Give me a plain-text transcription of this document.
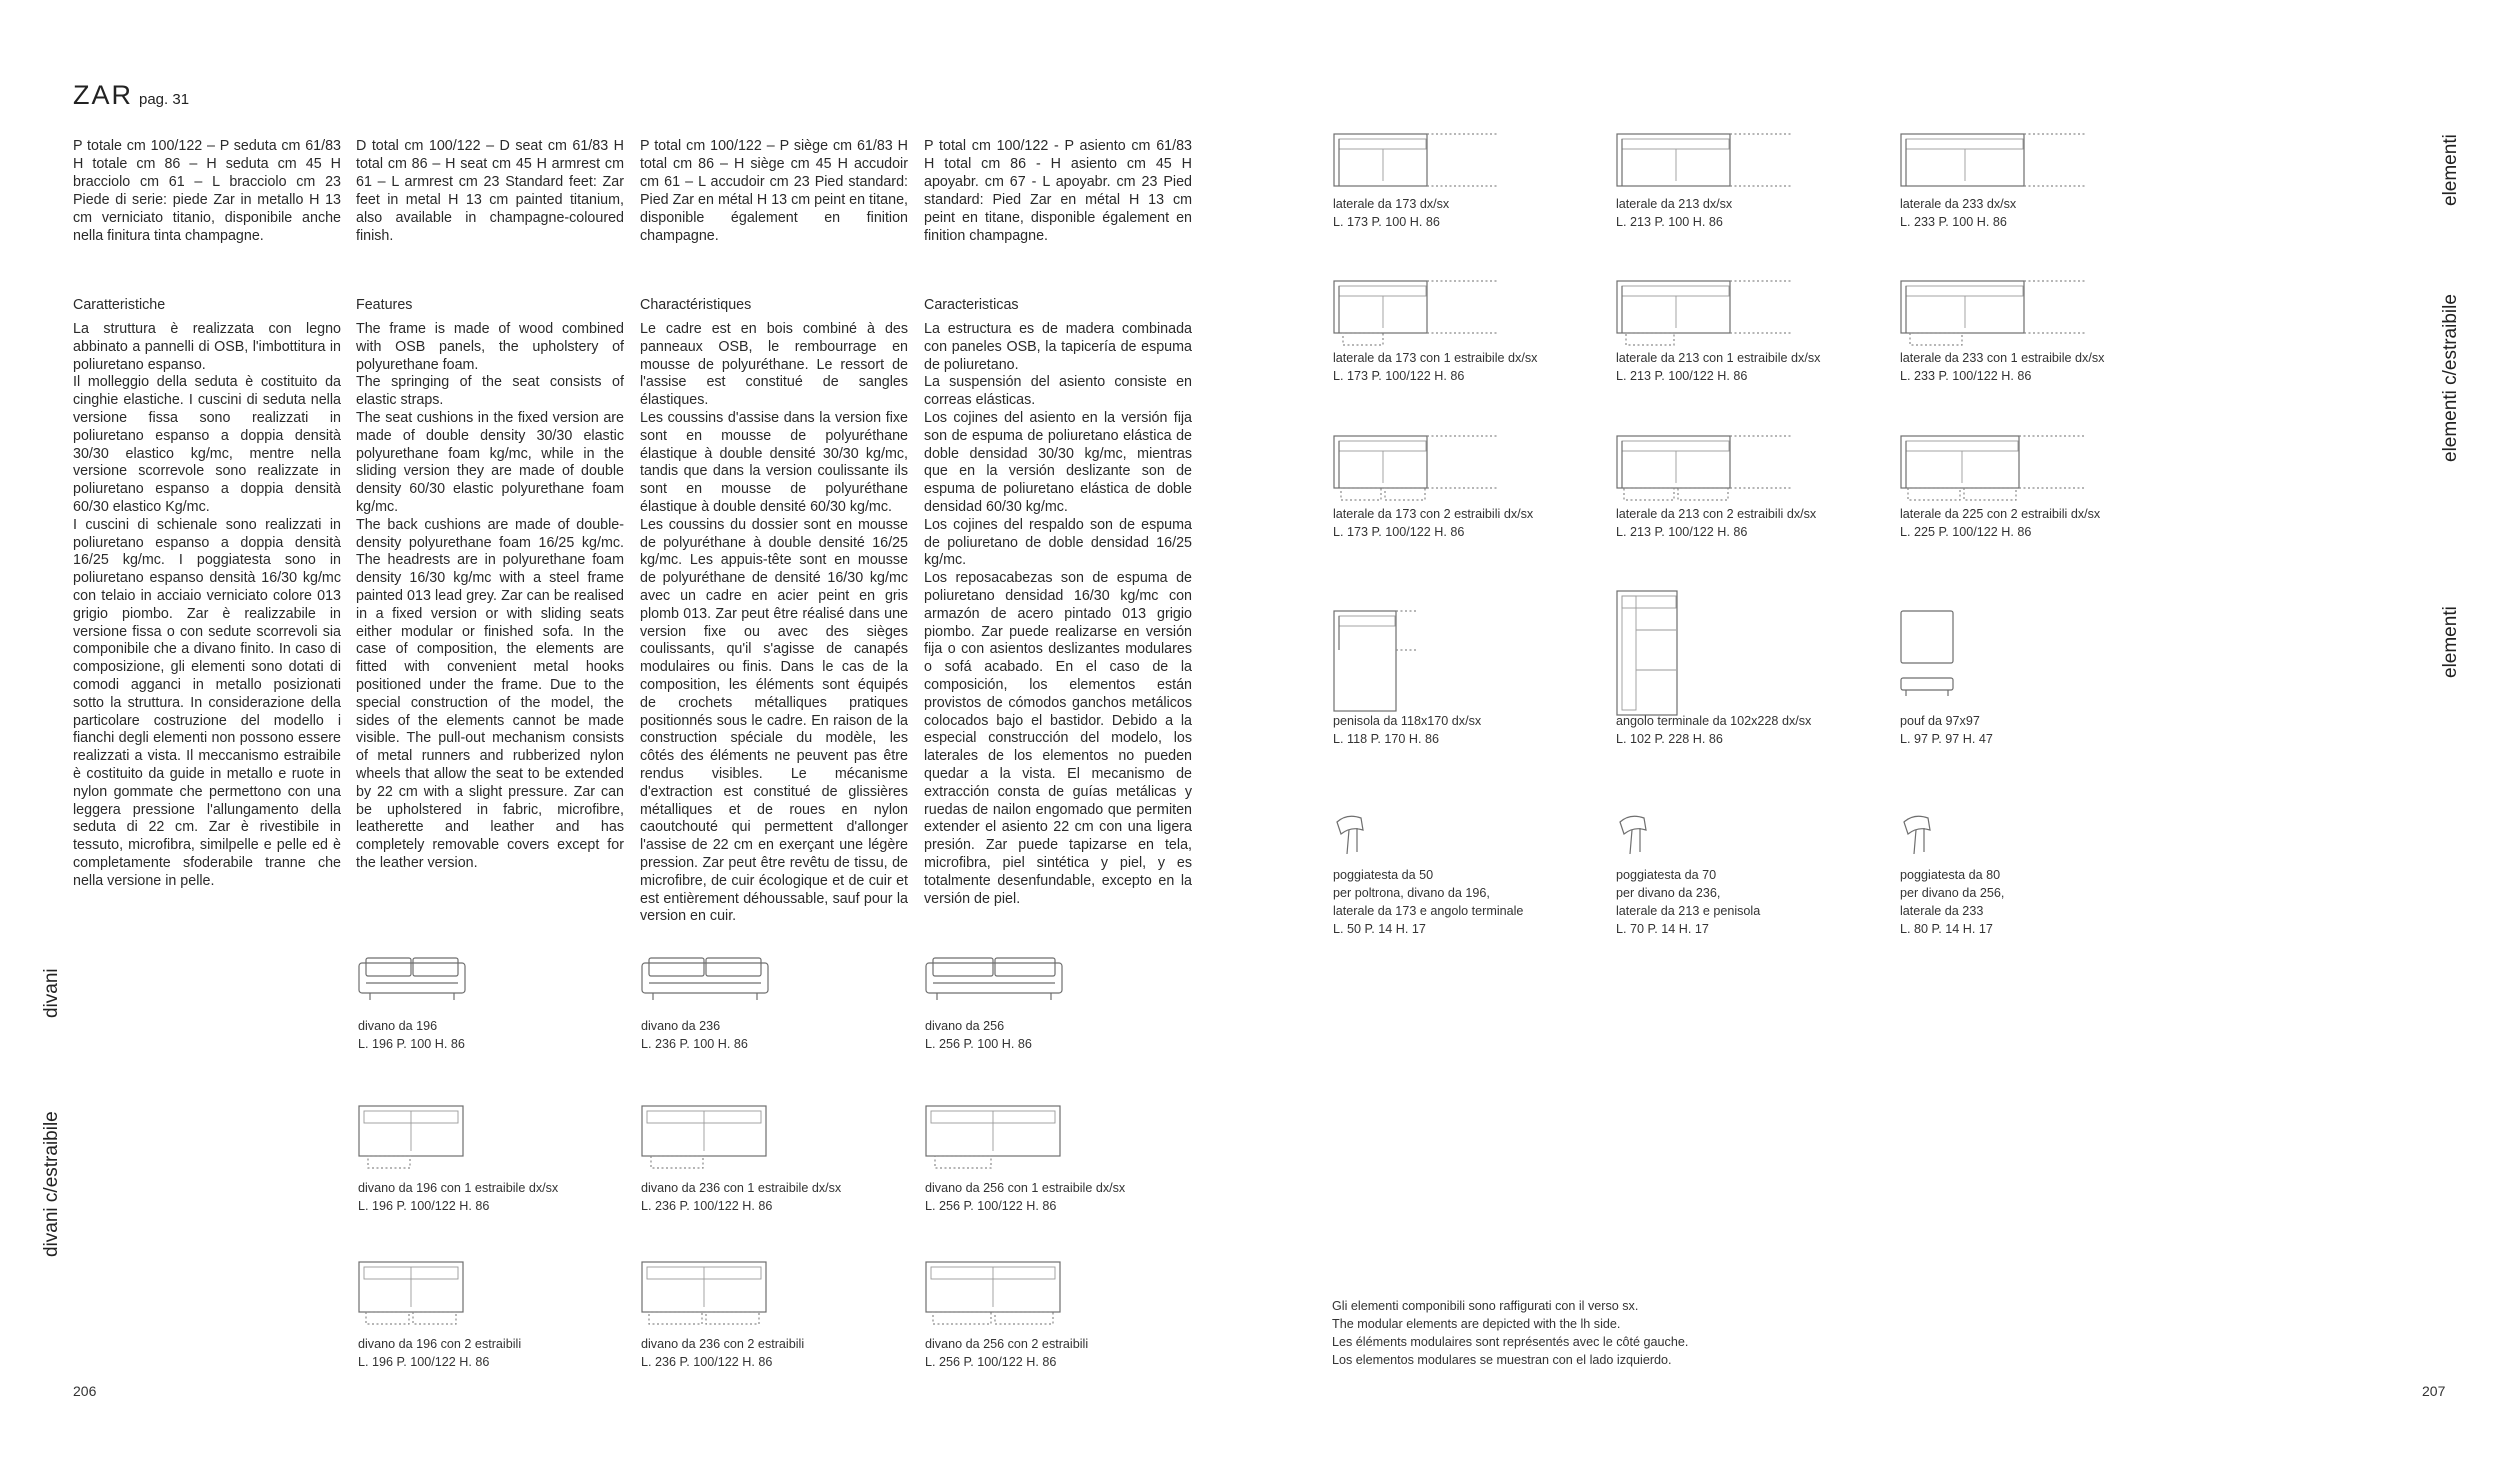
ZAR pag. 31
P totale cm 100/122 – P seduta cm 61/83 H totale cm 86 – H seduta cm 45 H bracciolo cm 61 – L bracciolo cm 23 Piede di serie: piede Zar in metallo H 13 cm verniciato titanio, disponibile anche nella finitura tinta champagne.
D total cm 100/122 – D seat cm 61/83 H total cm 86 – H seat cm 45 H armrest cm 61 – L armrest cm 23 Standard feet: Zar feet in metal H 13 cm painted titanium, also available in champagne-coloured finish.
P total cm 100/122 – P siège cm 61/83 H total cm 86 – H siège cm 45 H accudoir cm 61 – L accudoir cm 23 Pied standard: Pied Zar en métal H 13 cm peint en titane, disponible également en finition champagne.
P total cm 100/122 - P asiento cm 61/83 H total cm 86 - H asiento cm 45 H apoyabr. cm 67 - L apoyabr. cm 23 Pied standard: Pied Zar en métal H 13 cm peint en titane, disponible également en finition champagne.
Caratteristiche
La struttura è realizzata con legno abbinato a pannelli di OSB, l'imbottitura in poliuretano espanso.
Il molleggio della seduta è costituito da cinghie elastiche. I cuscini di seduta nella versione fissa sono realizzati in poliuretano espanso a doppia densità 30/30 elastico kg/mc, mentre nella versione scorrevole sono realizzate in poliuretano espanso a doppia densità 60/30 elastico Kg/mc.
I cuscini di schienale sono realizzati in poliuretano espanso a doppia densità 16/25 kg/mc. I poggiatesta sono in poliuretano espanso densità 16/30 kg/mc con telaio in acciaio verniciato colore 013 grigio piombo. Zar è realizzabile in versione fissa o con sedute scorrevoli sia componibile che a divano finito. In caso di composizione, gli elementi sono dotati di comodi agganci in metallo posizionati sotto la struttura. In considerazione della particolare costruzione del modello i fianchi degli elementi non possono essere realizzati a vista. Il meccanismo estraibile è costituito da guide in metallo e ruote in nylon gommate che permettono con una leggera pressione l'allungamento della seduta di 22 cm. Zar è rivestibile in tessuto, microfibra, similpelle e pelle ed è completamente sfoderabile tranne che nella versione in pelle.
Features
The frame is made of wood combined with OSB panels, the upholstery of polyurethane foam.
The springing of the seat consists of elastic straps.
The seat cushions in the fixed version are made of double density 30/30 elastic polyurethane foam kg/mc, while in the sliding version they are made of double density 60/30 elastic polyurethane foam kg/mc.
The back cushions are made of double-density polyurethane foam 16/25 kg/mc. The headrests are in polyurethane foam density 16/30 kg/mc with a steel frame painted 013 lead grey. Zar can be realised in a fixed version or with sliding seats either modular or finished sofa. In the case of composition, the elements are fitted with convenient metal hooks positioned under the frame. Due to the special construction of the model, the sides of the elements cannot be made visible. The pull-out mechanism consists of metal runners and rubberized nylon wheels that allow the seat to be extended by 22 cm with a slight pressure. Zar can be upholstered in fabric, microfibre, leatherette and leather and has completely removable covers except for the leather version.
Charactéristiques
Le cadre est en bois combiné à des panneaux OSB, le rembourrage en mousse de polyuréthane. Le ressort de l'assise est constitué de sangles élastiques.
Les coussins d'assise dans la version fixe sont en mousse de polyuréthane élastique à double densité 30/30 kg/mc, tandis que dans la version coulissante ils sont en mousse de polyuréthane élastique à double densité 60/30 kg/mc.
Les coussins du dossier sont en mousse de polyuréthane à double densité 16/25 kg/mc. Les appuis-tête sont en mousse de polyuréthane de densité 16/30 kg/mc avec un cadre en acier peint en gris plomb 013. Zar peut être réalisé dans une version fixe ou avec des sièges coulissants, qu'il s'agisse de canapés modulaires ou finis. Dans le cas de la composition, les éléments sont équipés de crochets métalliques pratiques positionnés sous le cadre. En raison de la construction spéciale du modèle, les côtés des éléments ne peuvent pas être rendus visibles. Le mécanisme d'extraction est constitué de glissières métalliques et de roues en nylon caoutchouté qui permettent d'allonger l'assise de 22 cm en exerçant une légère pression. Zar peut être revêtu de tissu, de microfibre, de cuir écologique et de cuir et est entièrement déhoussable, sauf pour la version en cuir.
Caracteristicas
La estructura es de madera combinada con paneles OSB, la tapicería de espuma de poliuretano.
La suspensión del asiento consiste en correas elásticas.
Los cojines del asiento en la versión fija son de espuma de poliuretano elástica de doble densidad 30/30 kg/mc, mientras que en la versión deslizante son de espuma de poliuretano elástica de doble densidad 60/30 kg/mc.
Los cojines del respaldo son de espuma de poliuretano de doble densidad 16/25 kg/mc.
Los reposacabezas son de espuma de poliuretano densidad 16/30 kg/mc con armazón de acero pintado 013 grigio piombo. Zar puede realizarse en versión fija o con asientos deslizantes modulares o sofá acabado. En el caso de la composición, los elementos están provistos de cómodos ganchos metálicos colocados bajo el bastidor. Debido a la especial construcción del modelo, los laterales de los elementos no pueden quedar a la vista. El mecanismo de extracción consta de guías metálicas y ruedas de nailon engomado que permiten extender el asiento 22 cm con una ligera presión. Zar puede tapizarse en tela, microfibra, piel sintética y piel, y es totalmente desenfundable, excepto en la versión de piel.
divani
divani c/estraibile
elementi
elementi c/estraibile
elementi
divano da 196
L. 196 P. 100 H. 86
divano da 236
L. 236 P. 100 H. 86
divano da 256
L. 256 P. 100 H. 86
divano da 196 con 1 estraibile dx/sx
L. 196 P. 100/122 H. 86
divano da 236 con 1 estraibile dx/sx
L. 236 P. 100/122 H. 86
divano da 256 con 1 estraibile dx/sx
L. 256 P. 100/122 H. 86
divano da 196 con 2 estraibili
L. 196 P. 100/122 H. 86
divano da 236 con 2 estraibili
L. 236 P. 100/122 H. 86
divano da 256 con 2 estraibili
L. 256 P. 100/122 H. 86
laterale da 173 dx/sx
L. 173 P. 100 H. 86
laterale da 213 dx/sx
L. 213 P. 100 H. 86
laterale da 233 dx/sx
L. 233 P. 100 H. 86
laterale da 173 con 1 estraibile dx/sx
L. 173 P. 100/122 H. 86
laterale da 213 con 1 estraibile dx/sx
L. 213 P. 100/122 H. 86
laterale da 233 con 1 estraibile dx/sx
L. 233 P. 100/122 H. 86
laterale da 173 con 2 estraibili dx/sx
L. 173 P. 100/122 H. 86
laterale da 213 con 2 estraibili dx/sx
L. 213 P. 100/122 H. 86
laterale da 225 con 2 estraibili dx/sx
L. 225 P. 100/122 H. 86
penisola da 118x170 dx/sx
L. 118 P. 170 H. 86
angolo terminale da 102x228 dx/sx
L. 102 P. 228 H. 86
pouf da 97x97
L. 97 P. 97 H. 47
poggiatesta da 50
per poltrona, divano da 196,
laterale da 173 e angolo terminale
L. 50 P. 14 H. 17
poggiatesta da 70
per divano da 236,
laterale da 213 e penisola
L. 70 P. 14 H. 17
poggiatesta da 80
per divano da 256,
laterale da 233
L. 80 P. 14 H. 17
Gli elementi componibili sono raffigurati con il verso sx.
The modular elements are depicted with the lh side.
Les éléments modulaires sont représentés avec le côté gauche.
Los elementos modulares se muestran con el lado izquierdo.
206	207
